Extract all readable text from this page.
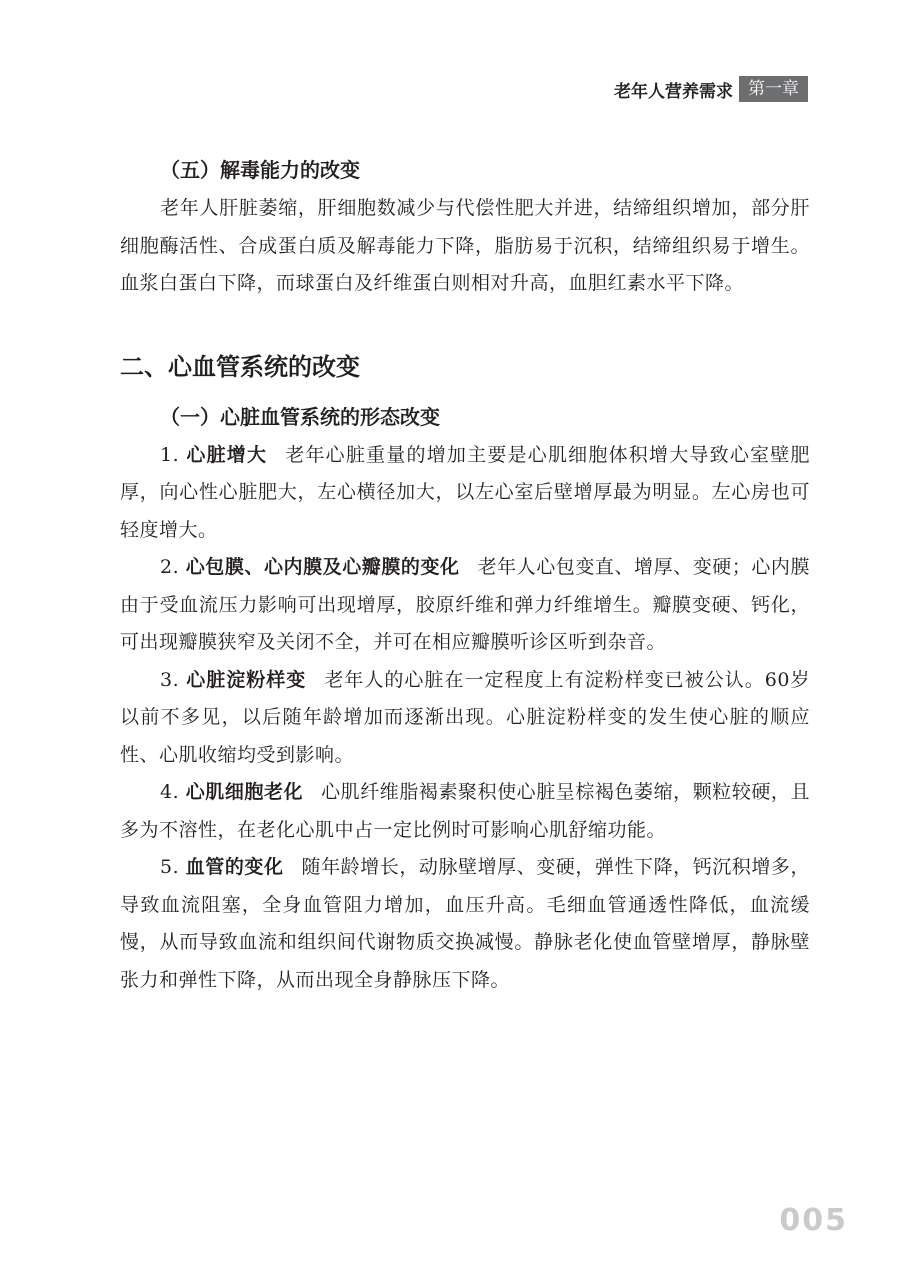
老年人营养需求 第一章
（五）解毒能力的改变

老年人肝脏萎缩，肝细胞数减少与代偿性肥大并进，结缔组织增加，部分肝细胞酶活性、合成蛋白质及解毒能力下降，脂肪易于沉积，结缔组织易于增生。血浆白蛋白下降，而球蛋白及纤维蛋白则相对升高，血胆红素水平下降。

二、心血管系统的改变
（一）心脏血管系统的形态改变

1. 心脏增大 老年心脏重量的增加主要是心肌细胞体积增大导致心室壁肥厚，向心性心脏肥大，左心横径加大，以左心室后壁增厚最为明显。左心房也可轻度增大。

2. 心包膜、心内膜及心瓣膜的变化 老年人心包变直、增厚、变硬；心内膜由于受血流压力影响可出现增厚，胶原纤维和弹力纤维增生。瓣膜变硬、钙化，可出现瓣膜狭窄及关闭不全，并可在相应瓣膜听诊区听到杂音。

3. 心脏淀粉样变 老年人的心脏在一定程度上有淀粉样变已被公认。60岁以前不多见，以后随年龄增加而逐渐出现。心脏淀粉样变的发生使心脏的顺应性、心肌收缩均受到影响。

4. 心肌细胞老化 心肌纤维脂褐素聚积使心脏呈棕褐色萎缩，颗粒较硬，且多为不溶性，在老化心肌中占一定比例时可影响心肌舒缩功能。

5. 血管的变化 随年龄增长，动脉壁增厚、变硬，弹性下降，钙沉积增多，导致血流阻塞，全身血管阻力增加，血压升高。毛细血管通透性降低，血流缓慢，从而导致血流和组织间代谢物质交换减慢。静脉老化使血管壁增厚，静脉壁张力和弹性下降，从而出现全身静脉压下降。

005
